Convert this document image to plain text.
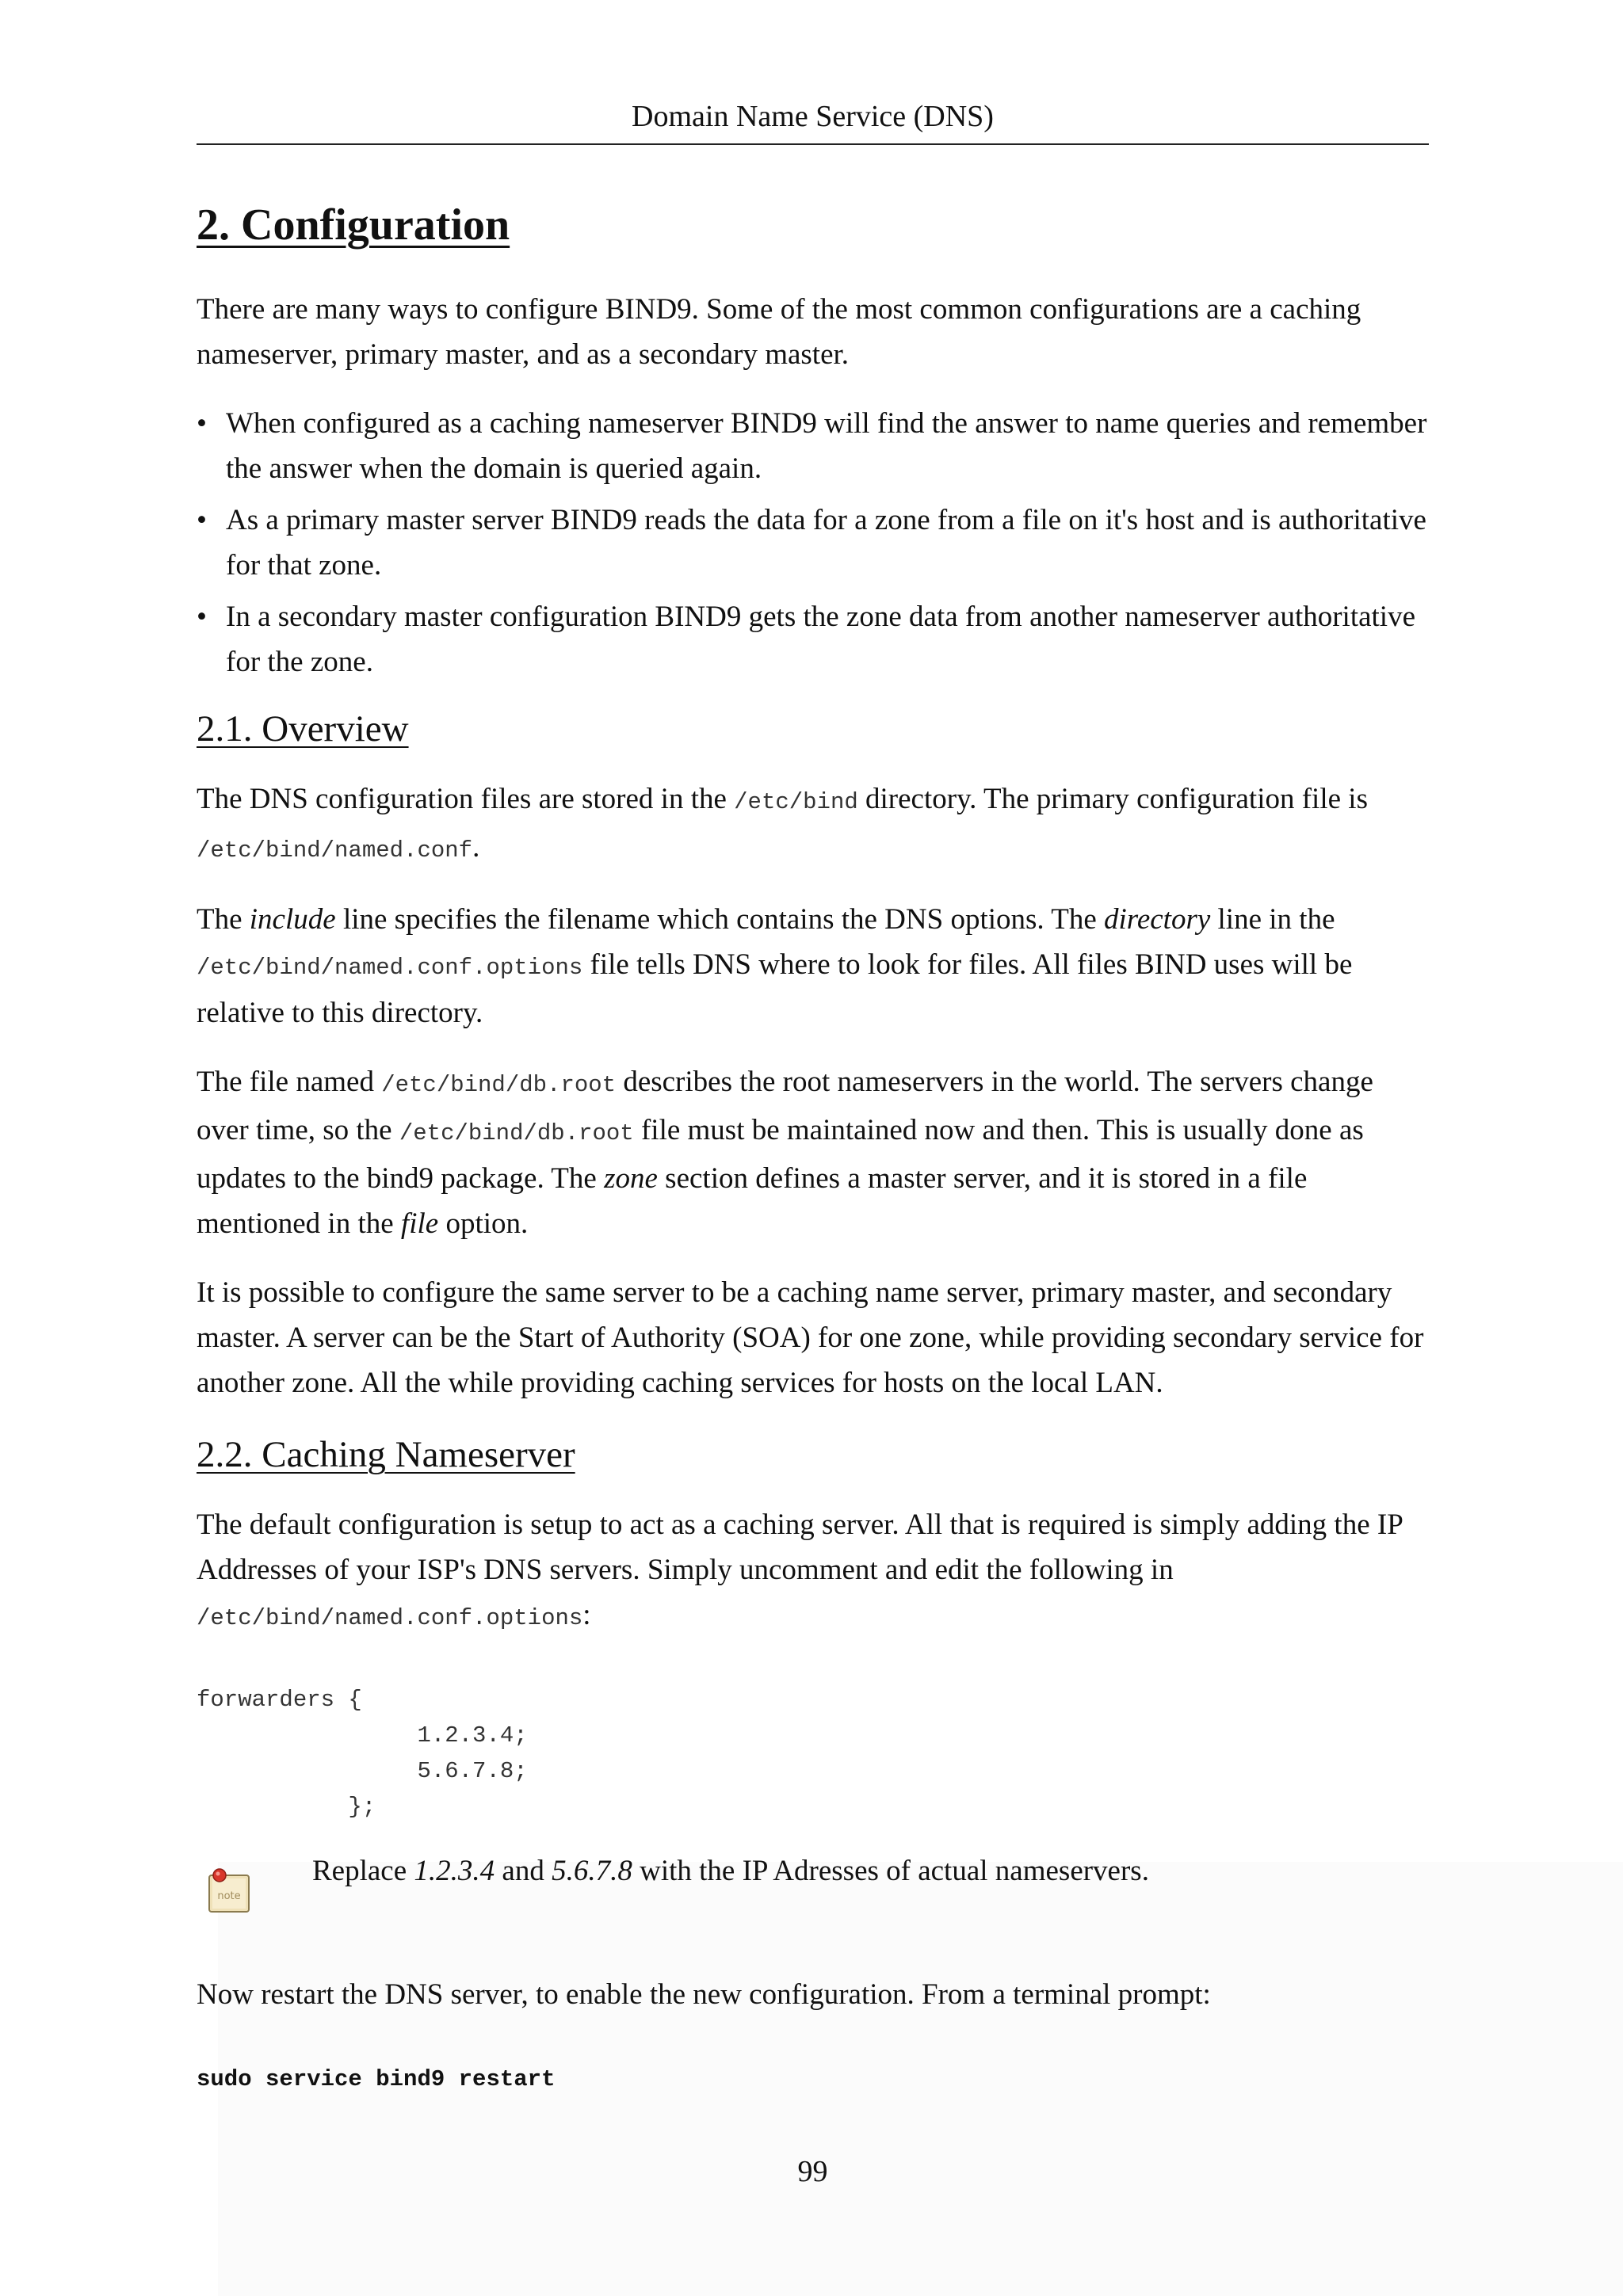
Domain Name Service (DNS)
2. Configuration

There are many ways to configure BIND9. Some of the most common configurations are a caching nameserver, primary master, and as a secondary master.

• When configured as a caching nameserver BIND9 will find the answer to name queries and remember the answer when the domain is queried again.
• As a primary master server BIND9 reads the data for a zone from a file on it's host and is authoritative for that zone.
• In a secondary master configuration BIND9 gets the zone data from another nameserver authoritative for the zone.
2.1. Overview

The DNS configuration files are stored in the /etc/bind directory. The primary configuration file is /etc/bind/named.conf.

The include line specifies the filename which contains the DNS options. The directory line in the /etc/bind/named.conf.options file tells DNS where to look for files. All files BIND uses will be relative to this directory.

The file named /etc/bind/db.root describes the root nameservers in the world. The servers change over time, so the /etc/bind/db.root file must be maintained now and then. This is usually done as updates to the bind9 package. The zone section defines a master server, and it is stored in a file mentioned in the file option.

It is possible to configure the same server to be a caching name server, primary master, and secondary master. A server can be the Start of Authority (SOA) for one zone, while providing secondary service for another zone. All the while providing caching services for hosts on the local LAN.

2.2. Caching Nameserver

The default configuration is setup to act as a caching server. All that is required is simply adding the IP Addresses of your ISP's DNS servers. Simply uncomment and edit the following in /etc/bind/named.conf.options:

forwarders {
1.2.3.4;
5.6.7.8;
};
note
Replace 1.2.3.4 and 5.6.7.8 with the IP Adresses of actual nameservers.

Now restart the DNS server, to enable the new configuration. From a terminal prompt:

sudo service bind9 restart
99
